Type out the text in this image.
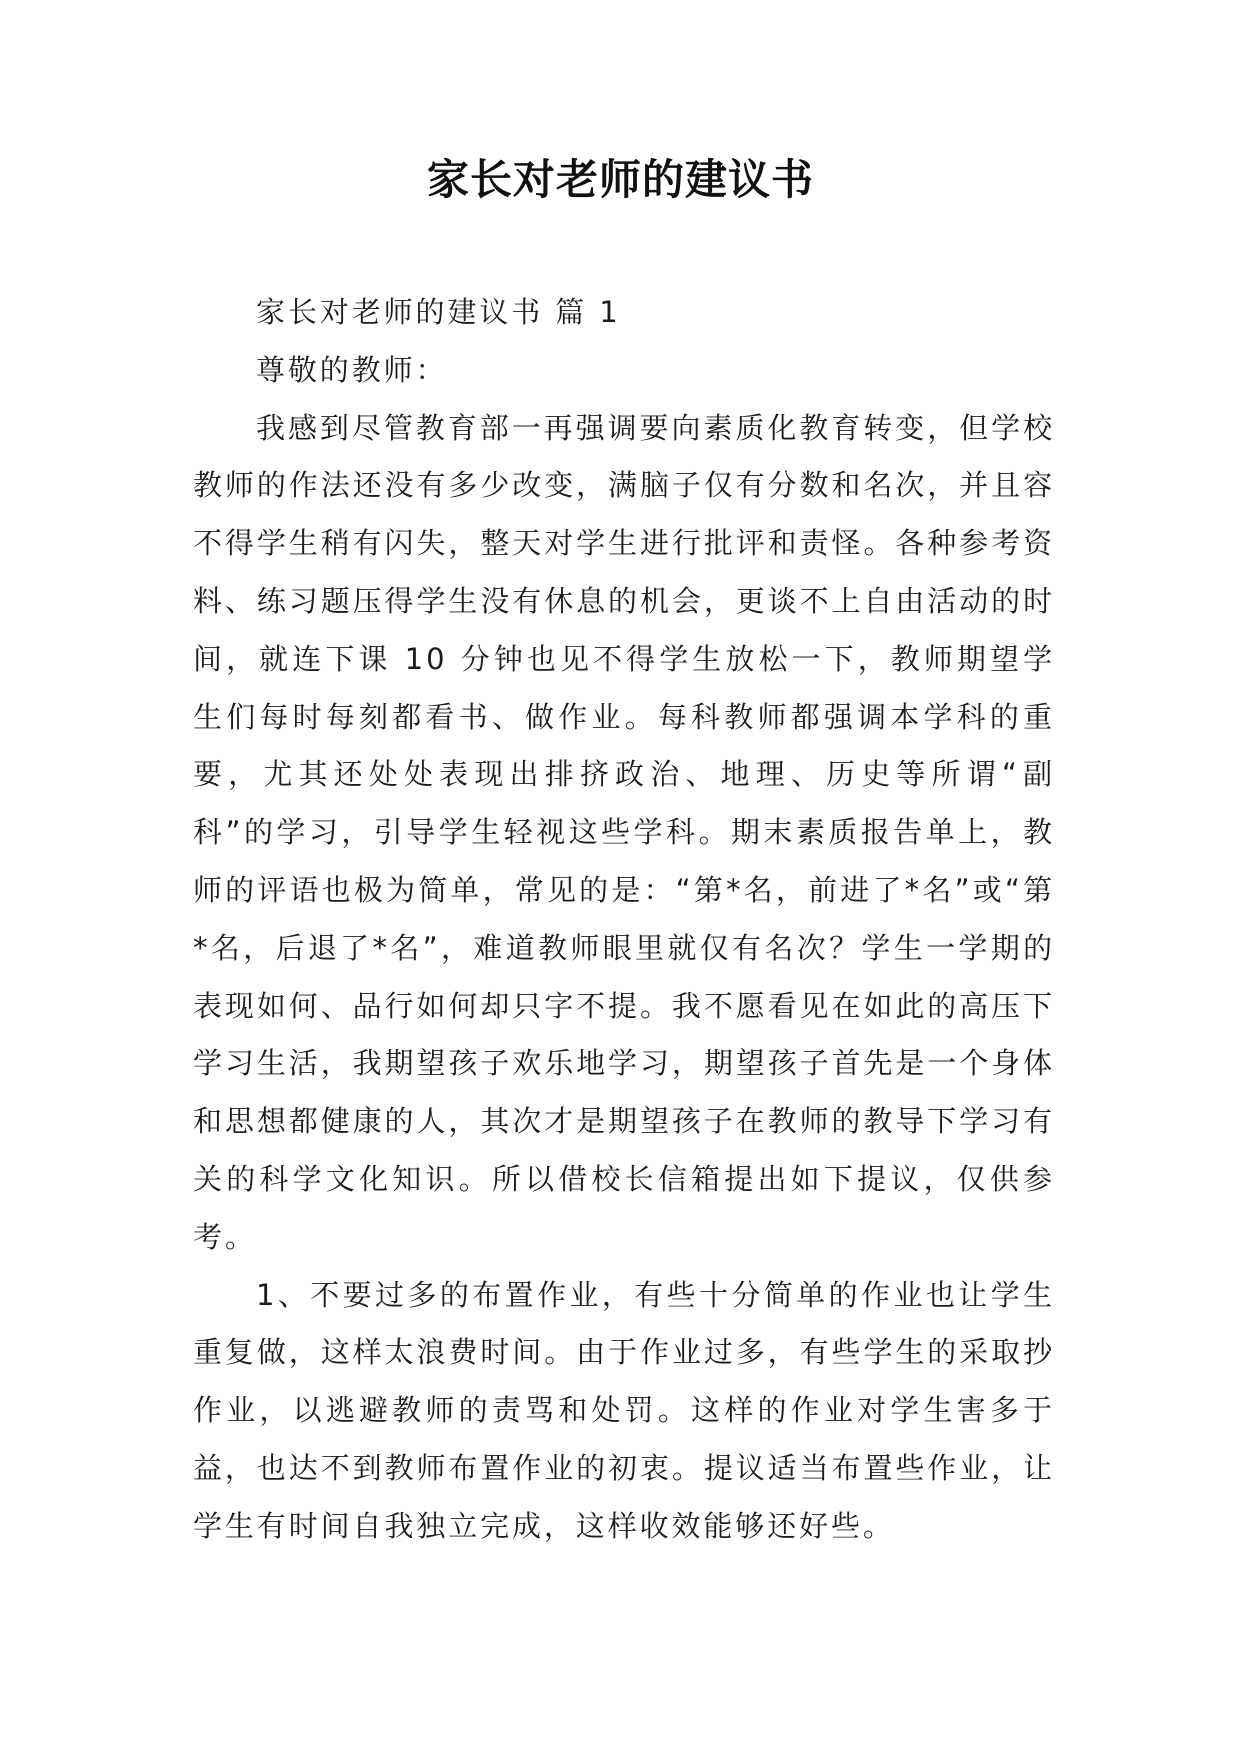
家长对老师的建议书

家长对老师的建议书 篇 1

尊敬的教师：

我感到尽管教育部一再强调要向素质化教育转变，但学校教师的作法还没有多少改变，满脑子仅有分数和名次，并且容不得学生稍有闪失，整天对学生进行批评和责怪。各种参考资料、练习题压得学生没有休息的机会，更谈不上自由活动的时间，就连下课 10 分钟也见不得学生放松一下，教师期望学生们每时每刻都看书、做作业。每科教师都强调本学科的重要，尤其还处处表现出排挤政治、地理、历史等所谓“副科”的学习，引导学生轻视这些学科。期末素质报告单上，教师的评语也极为简单，常见的是：“第*名，前进了*名”或“第*名，后退了*名”，难道教师眼里就仅有名次？学生一学期的表现如何、品行如何却只字不提。我不愿看见在如此的高压下学习生活，我期望孩子欢乐地学习，期望孩子首先是一个身体和思想都健康的人，其次才是期望孩子在教师的教导下学习有关的科学文化知识。所以借校长信箱提出如下提议，仅供参考。

1、不要过多的布置作业，有些十分简单的作业也让学生重复做，这样太浪费时间。由于作业过多，有些学生的采取抄作业，以逃避教师的责骂和处罚。这样的作业对学生害多于益，也达不到教师布置作业的初衷。提议适当布置些作业，让学生有时间自我独立完成，这样收效能够还好些。
